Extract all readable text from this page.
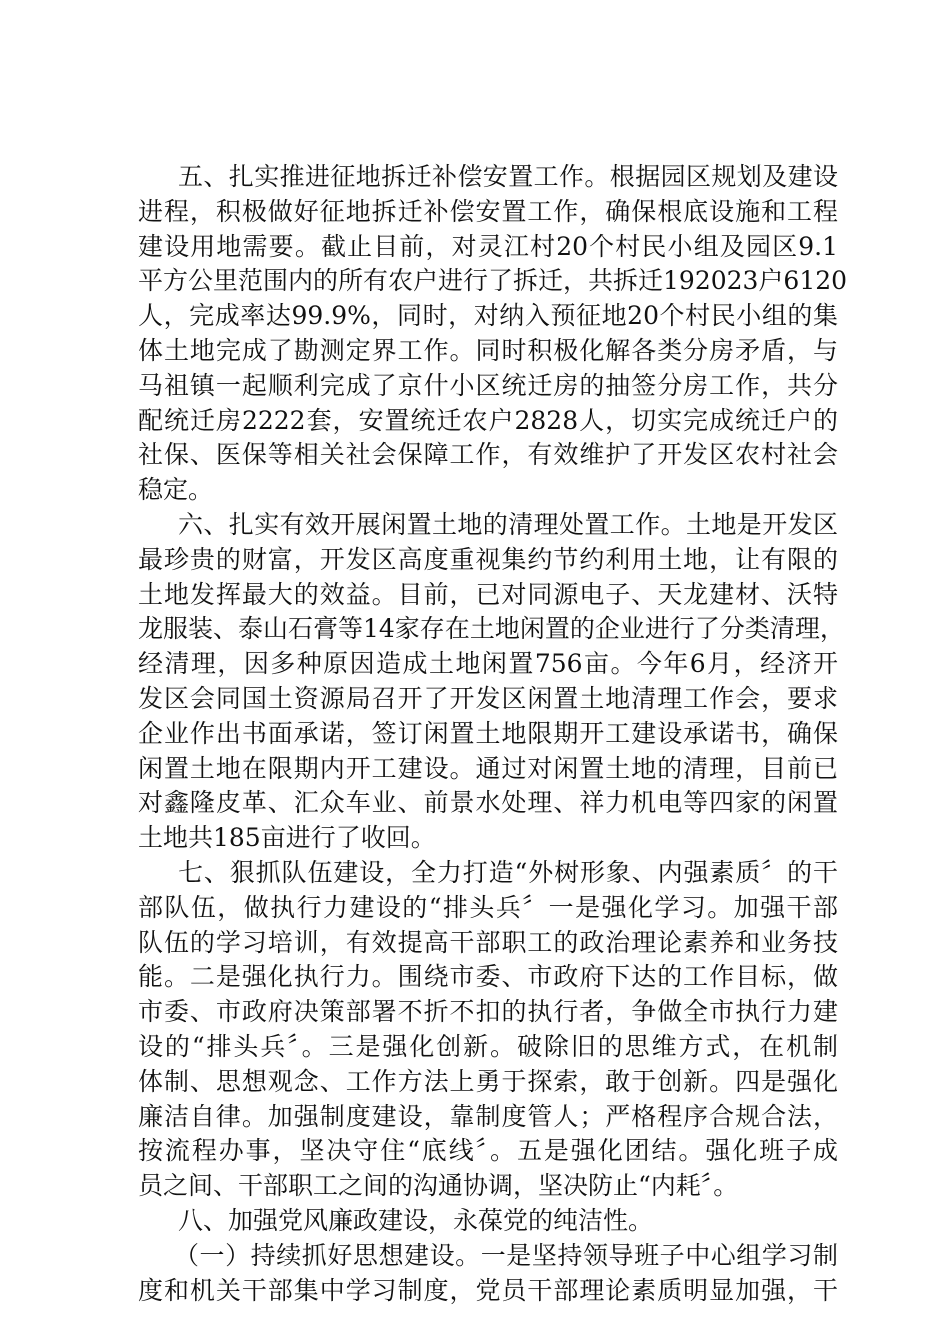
五、扎实推进征地拆迁补偿安置工作。根据园区规划及建设
进程，积极做好征地拆迁补偿安置工作，确保根底设施和工程
建设用地需要。截止目前，对灵江村20个村民小组及园区9.1
平方公里范围内的所有农户进行了拆迁，共拆迁192023户6120
人，完成率达99.9%，同时，对纳入预征地20个村民小组的集
体土地完成了勘测定界工作。同时积极化解各类分房矛盾，与
马祖镇一起顺利完成了京什小区统迁房的抽签分房工作，共分
配统迁房2222套，安置统迁农户2828人，切实完成统迁户的
社保、医保等相关社会保障工作，有效维护了开发区农村社会
稳定。
六、扎实有效开展闲置土地的清理处置工作。土地是开发区
最珍贵的财富，开发区高度重视集约节约利用土地，让有限的
土地发挥最大的效益。目前，已对同源电子、天龙建材、沃特
龙服装、泰山石膏等14家存在土地闲置的企业进行了分类清理，
经清理，因多种原因造成土地闲置756亩。今年6月，经济开
发区会同国土资源局召开了开发区闲置土地清理工作会，要求
企业作出书面承诺，签订闲置土地限期开工建设承诺书，确保
闲置土地在限期内开工建设。通过对闲置土地的清理，目前已
对鑫隆皮革、汇众车业、前景水处理、祥力机电等四家的闲置
土地共185亩进行了收回。
七、狠抓队伍建设，全力打造“外树形象、内强素质〞的干
部队伍，做执行力建设的“排头兵〞一是强化学习。加强干部
队伍的学习培训，有效提高干部职工的政治理论素养和业务技
能。二是强化执行力。围绕市委、市政府下达的工作目标，做
市委、市政府决策部署不折不扣的执行者，争做全市执行力建
设的“排头兵〞。三是强化创新。破除旧的思维方式，在机制
体制、思想观念、工作方法上勇于探索，敢于创新。四是强化
廉洁自律。加强制度建设，靠制度管人；严格程序合规合法，
按流程办事，坚决守住“底线〞。五是强化团结。强化班子成
员之间、干部职工之间的沟通协调，坚决防止“内耗〞。
八、加强党风廉政建设，永葆党的纯洁性。
（一）持续抓好思想建设。一是坚持领导班子中心组学习制
度和机关干部集中学习制度，党员干部理论素质明显加强，干
